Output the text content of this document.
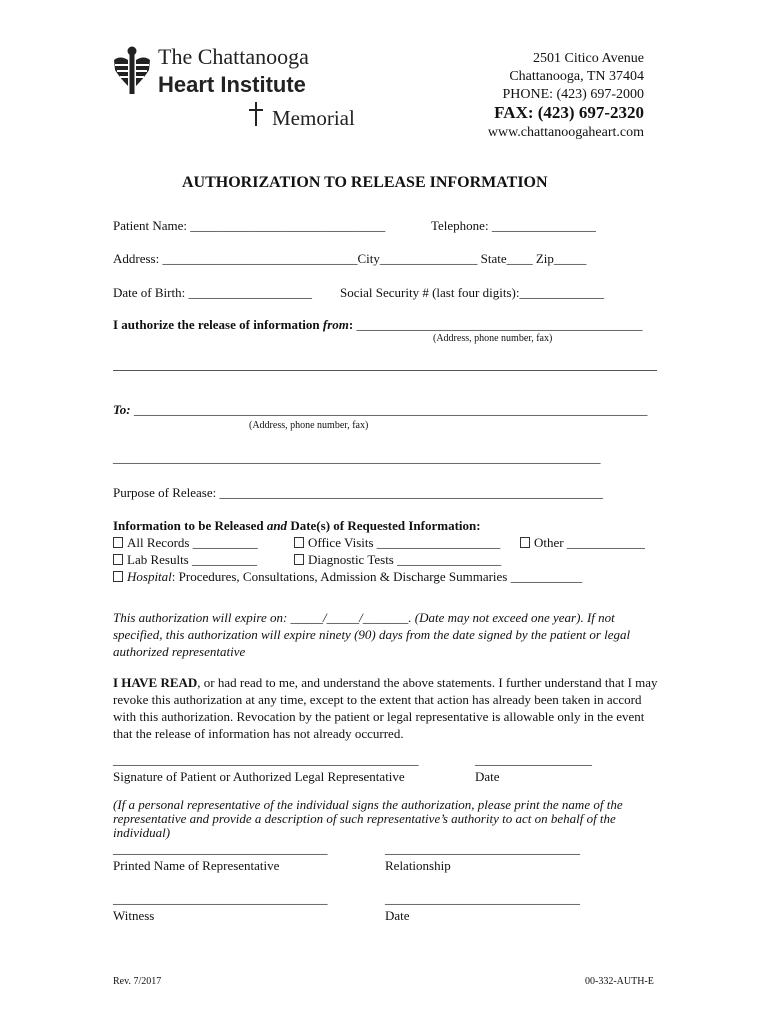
The Chattanooga
Heart Institute
Memorial
2501 Citico Avenue
Chattanooga, TN 37404
PHONE: (423) 697-2000
FAX: (423) 697-2320
www.chattanoogaheart.com
AUTHORIZATION TO RELEASE INFORMATION
Patient Name: ______________________________	Telephone: ________________
Address: ______________________________City_______________ State____ Zip_____
Date of Birth: ___________________ Social Security # (last four digits):_____________
I authorize the release of information from: ____________________________________________
(Address, phone number, fax)
To: _______________________________________________________________________________
(Address, phone number, fax)
___________________________________________________________________________
Purpose of Release: ___________________________________________________________
Information to be Released and Date(s) of Requested Information:
All Records __________	Office Visits ___________________	Other ____________
Lab Results __________	Diagnostic Tests ________________
Hospital: Procedures, Consultations, Admission & Discharge Summaries ___________
This authorization will expire on: _____/_____/_______. (Date may not exceed one year). If not specified, this authorization will expire ninety (90) days from the date signed by the patient or legal authorized representative
I HAVE READ, or had read to me, and understand the above statements. I further understand that I may revoke this authorization at any time, except to the extent that action has already been taken in accord with this authorization. Revocation by the patient or legal representative is allowable only in the event that the release of information has not already occurred.
_______________________________________________
Signature of Patient or Authorized Legal Representative
__________________
Date
(If a personal representative of the individual signs the authorization, please print the name of the representative and provide a description of such representative’s authority to act on behalf of the individual)
_________________________________
Printed Name of Representative
______________________________
Relationship
_________________________________
Witness
______________________________
Date
Rev. 7/2017	00-332-AUTH-E
